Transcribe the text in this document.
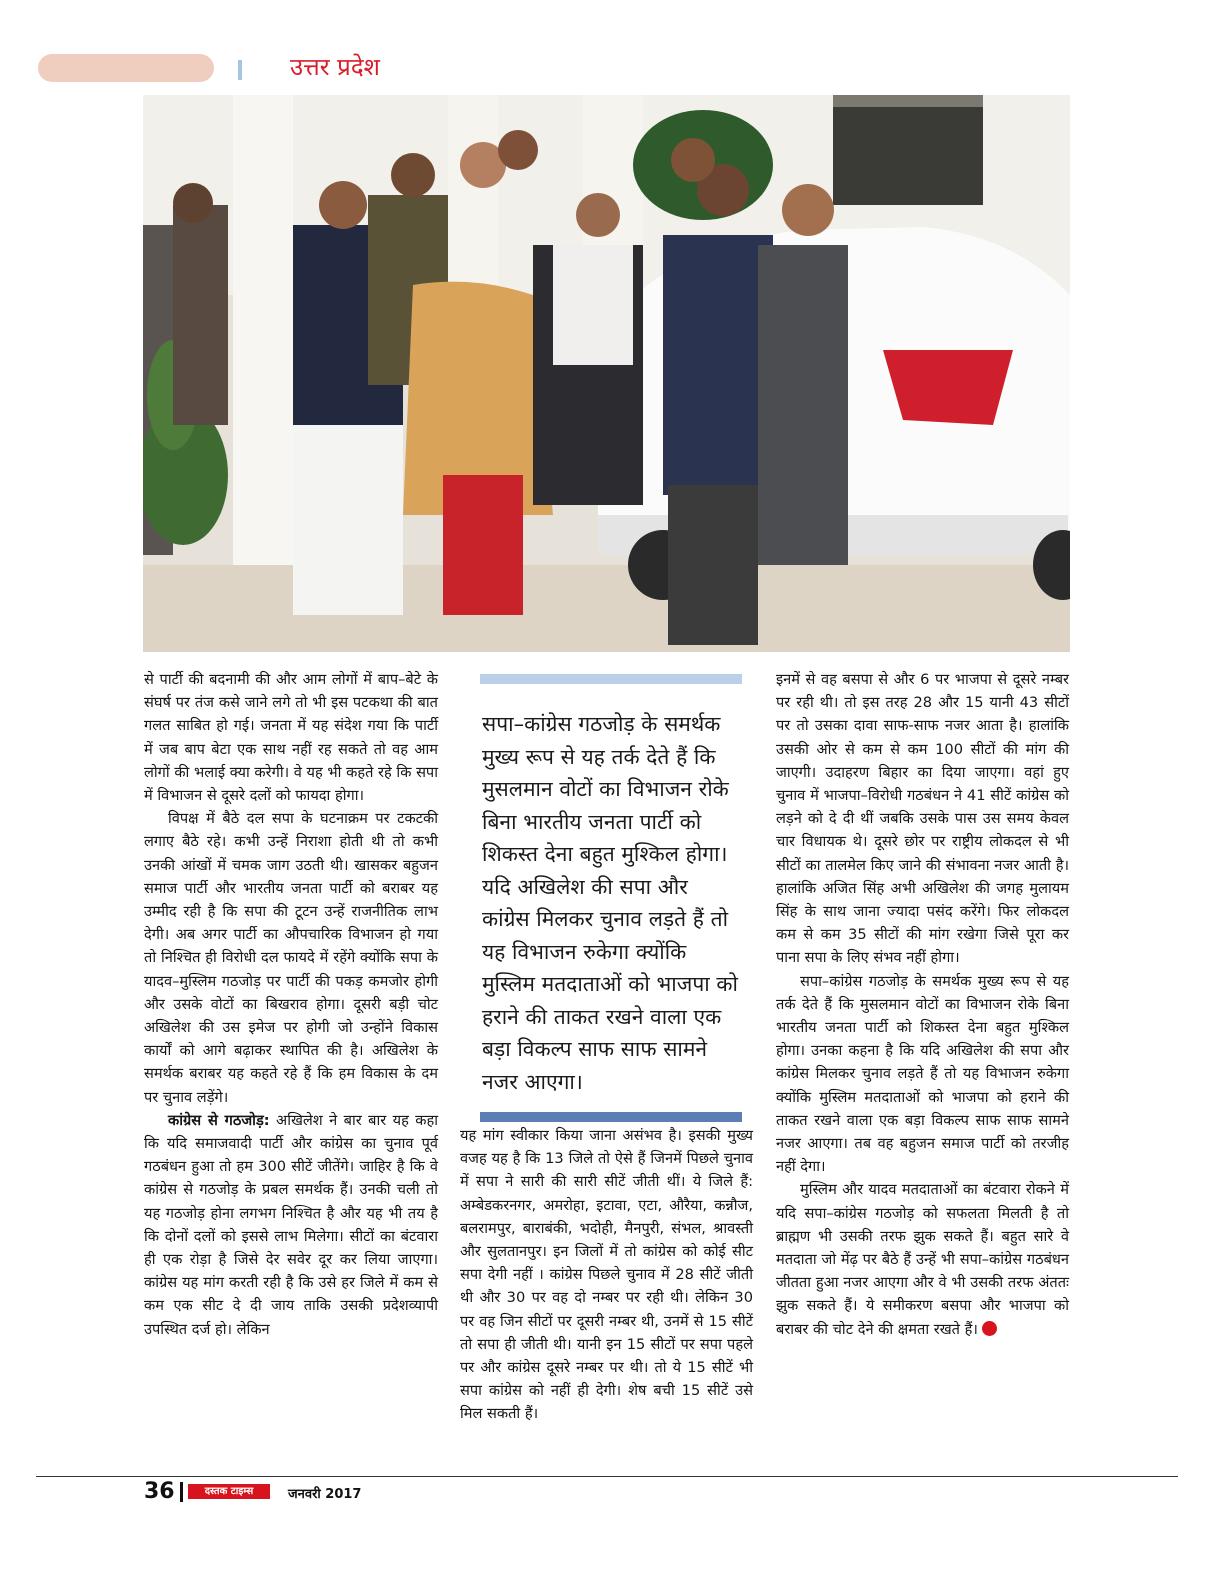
उत्तर प्रदेश

से पार्टी की बदनामी की और आम लोगों में बाप–बेटे के संघर्ष पर तंज कसे जाने लगे तो भी इस पटकथा की बात गलत साबित हो गई। जनता में यह संदेश गया कि पार्टी में जब बाप बेटा एक साथ नहीं रह सकते तो वह आम लोगों की भलाई क्या करेगी। वे यह भी कहते रहे कि सपा में विभाजन से दूसरे दलों को फायदा होगा।

विपक्ष में बैठे दल सपा के घटनाक्रम पर टकटकी लगाए बैठे रहे। कभी उन्हें निराशा होती थी तो कभी उनकी आंखों में चमक जाग उठती थी। खासकर बहुजन समाज पार्टी और भारतीय जनता पार्टी को बराबर यह उम्मीद रही है कि सपा की टूटन उन्हें राजनीतिक लाभ देगी। अब अगर पार्टी का औपचारिक विभाजन हो गया तो निश्चित ही विरोधी दल फायदे में रहेंगे क्योंकि सपा के यादव–मुस्लिम गठजोड़ पर पार्टी की पकड़ कमजोर होगी और उसके वोटों का बिखराव होगा। दूसरी बड़ी चोट अखिलेश की उस इमेज पर होगी जो उन्होंने विकास कार्यों को आगे बढ़ाकर स्थापित की है। अखिलेश के समर्थक बराबर यह कहते रहे हैं कि हम विकास के दम पर चुनाव लड़ेंगे।

कांग्रेस से गठजोड़: अखिलेश ने बार बार यह कहा कि यदि समाजवादी पार्टी और कांग्रेस का चुनाव पूर्व गठबंधन हुआ तो हम 300 सीटें जीतेंगे। जाहिर है कि वे कांग्रेस से गठजोड़ के प्रबल समर्थक हैं। उनकी चली तो यह गठजोड़ होना लगभग निश्चित है और यह भी तय है कि दोनों दलों को इससे लाभ मिलेगा। सीटों का बंटवारा ही एक रोड़ा है जिसे देर सवेर दूर कर लिया जाएगा। कांग्रेस यह मांग करती रही है कि उसे हर जिले में कम से कम एक सीट दे दी जाय ताकि उसकी प्रदेशव्यापी उपस्थित दर्ज हो। लेकिन

सपा–कांग्रेस गठजोड़ के समर्थक मुख्य रूप से यह तर्क देते हैं कि मुसलमान वोटों का विभाजन रोके बिना भारतीय जनता पार्टी को शिकस्त देना बहुत मुश्किल होगा। यदि अखिलेश की सपा और कांग्रेस मिलकर चुनाव लड़ते हैं तो यह विभाजन रुकेगा क्योंकि मुस्लिम मतदाताओं को भाजपा को हराने की ताकत रखने वाला एक बड़ा विकल्प साफ साफ सामने नजर आएगा।

यह मांग स्वीकार किया जाना असंभव है। इसकी मुख्य वजह यह है कि 13 जिले तो ऐसे हैं जिनमें पिछले चुनाव में सपा ने सारी की सारी सीटें जीती थीं। ये जिले हैं: अम्बेडकरनगर, अमरोहा, इटावा, एटा, औरैया, कन्नौज, बलरामपुर, बाराबंकी, भदोही, मैनपुरी, संभल, श्रावस्ती और सुलतानपुर। इन जिलों में तो कांग्रेस को कोई सीट सपा देगी नहीं । कांग्रेस पिछले चुनाव में 28 सीटें जीती थी और 30 पर वह दो नम्बर पर रही थी। लेकिन 30 पर वह जिन सीटों पर दूसरी नम्बर थी, उनमें से 15 सीटें तो सपा ही जीती थी। यानी इन 15 सीटों पर सपा पहले पर और कांग्रेस दूसरे नम्बर पर थी। तो ये 15 सीटें भी सपा कांग्रेस को नहीं ही देगी। शेष बची 15 सीटें उसे मिल सकती हैं।

इनमें से वह बसपा से और 6 पर भाजपा से दूसरे नम्बर पर रही थी। तो इस तरह 28 और 15 यानी 43 सीटों पर तो उसका दावा साफ-साफ नजर आता है। हालांकि उसकी ओर से कम से कम 100 सीटों की मांग की जाएगी। उदाहरण बिहार का दिया जाएगा। वहां हुए चुनाव में भाजपा–विरोधी गठबंधन ने 41 सीटें कांग्रेस को लड़ने को दे दी थीं जबकि उसके पास उस समय केवल चार विधायक थे। दूसरे छोर पर राष्ट्रीय लोकदल से भी सीटों का तालमेल किए जाने की संभावना नजर आती है। हालांकि अजित सिंह अभी अखिलेश की जगह मुलायम सिंह के साथ जाना ज्यादा पसंद करेंगे। फिर लोकदल कम से कम 35 सीटों की मांग रखेगा जिसे पूरा कर पाना सपा के लिए संभव नहीं होगा।

सपा–कांग्रेस गठजोड़ के समर्थक मुख्य रूप से यह तर्क देते हैं कि मुसलमान वोटों का विभाजन रोके बिना भारतीय जनता पार्टी को शिकस्त देना बहुत मुश्किल होगा। उनका कहना है कि यदि अखिलेश की सपा और कांग्रेस मिलकर चुनाव लड़ते हैं तो यह विभाजन रुकेगा क्योंकि मुस्लिम मतदाताओं को भाजपा को हराने की ताकत रखने वाला एक बड़ा विकल्प साफ साफ सामने नजर आएगा। तब वह बहुजन समाज पार्टी को तरजीह नहीं देगा।

मुस्लिम और यादव मतदाताओं का बंटवारा रोकने में यदि सपा–कांग्रेस गठजोड़ को सफलता मिलती है तो ब्राह्मण भी उसकी तरफ झुक सकते हैं। बहुत सारे वे मतदाता जो मेंढ़ पर बैठे हैं उन्हें भी सपा–कांग्रेस गठबंधन जीतता हुआ नजर आएगा और वे भी उसकी तरफ अंततः झुक सकते हैं। ये समीकरण बसपा और भाजपा को बराबर की चोट देने की क्षमता रखते हैं।

36	दस्तक टाइम्स	जनवरी 2017
